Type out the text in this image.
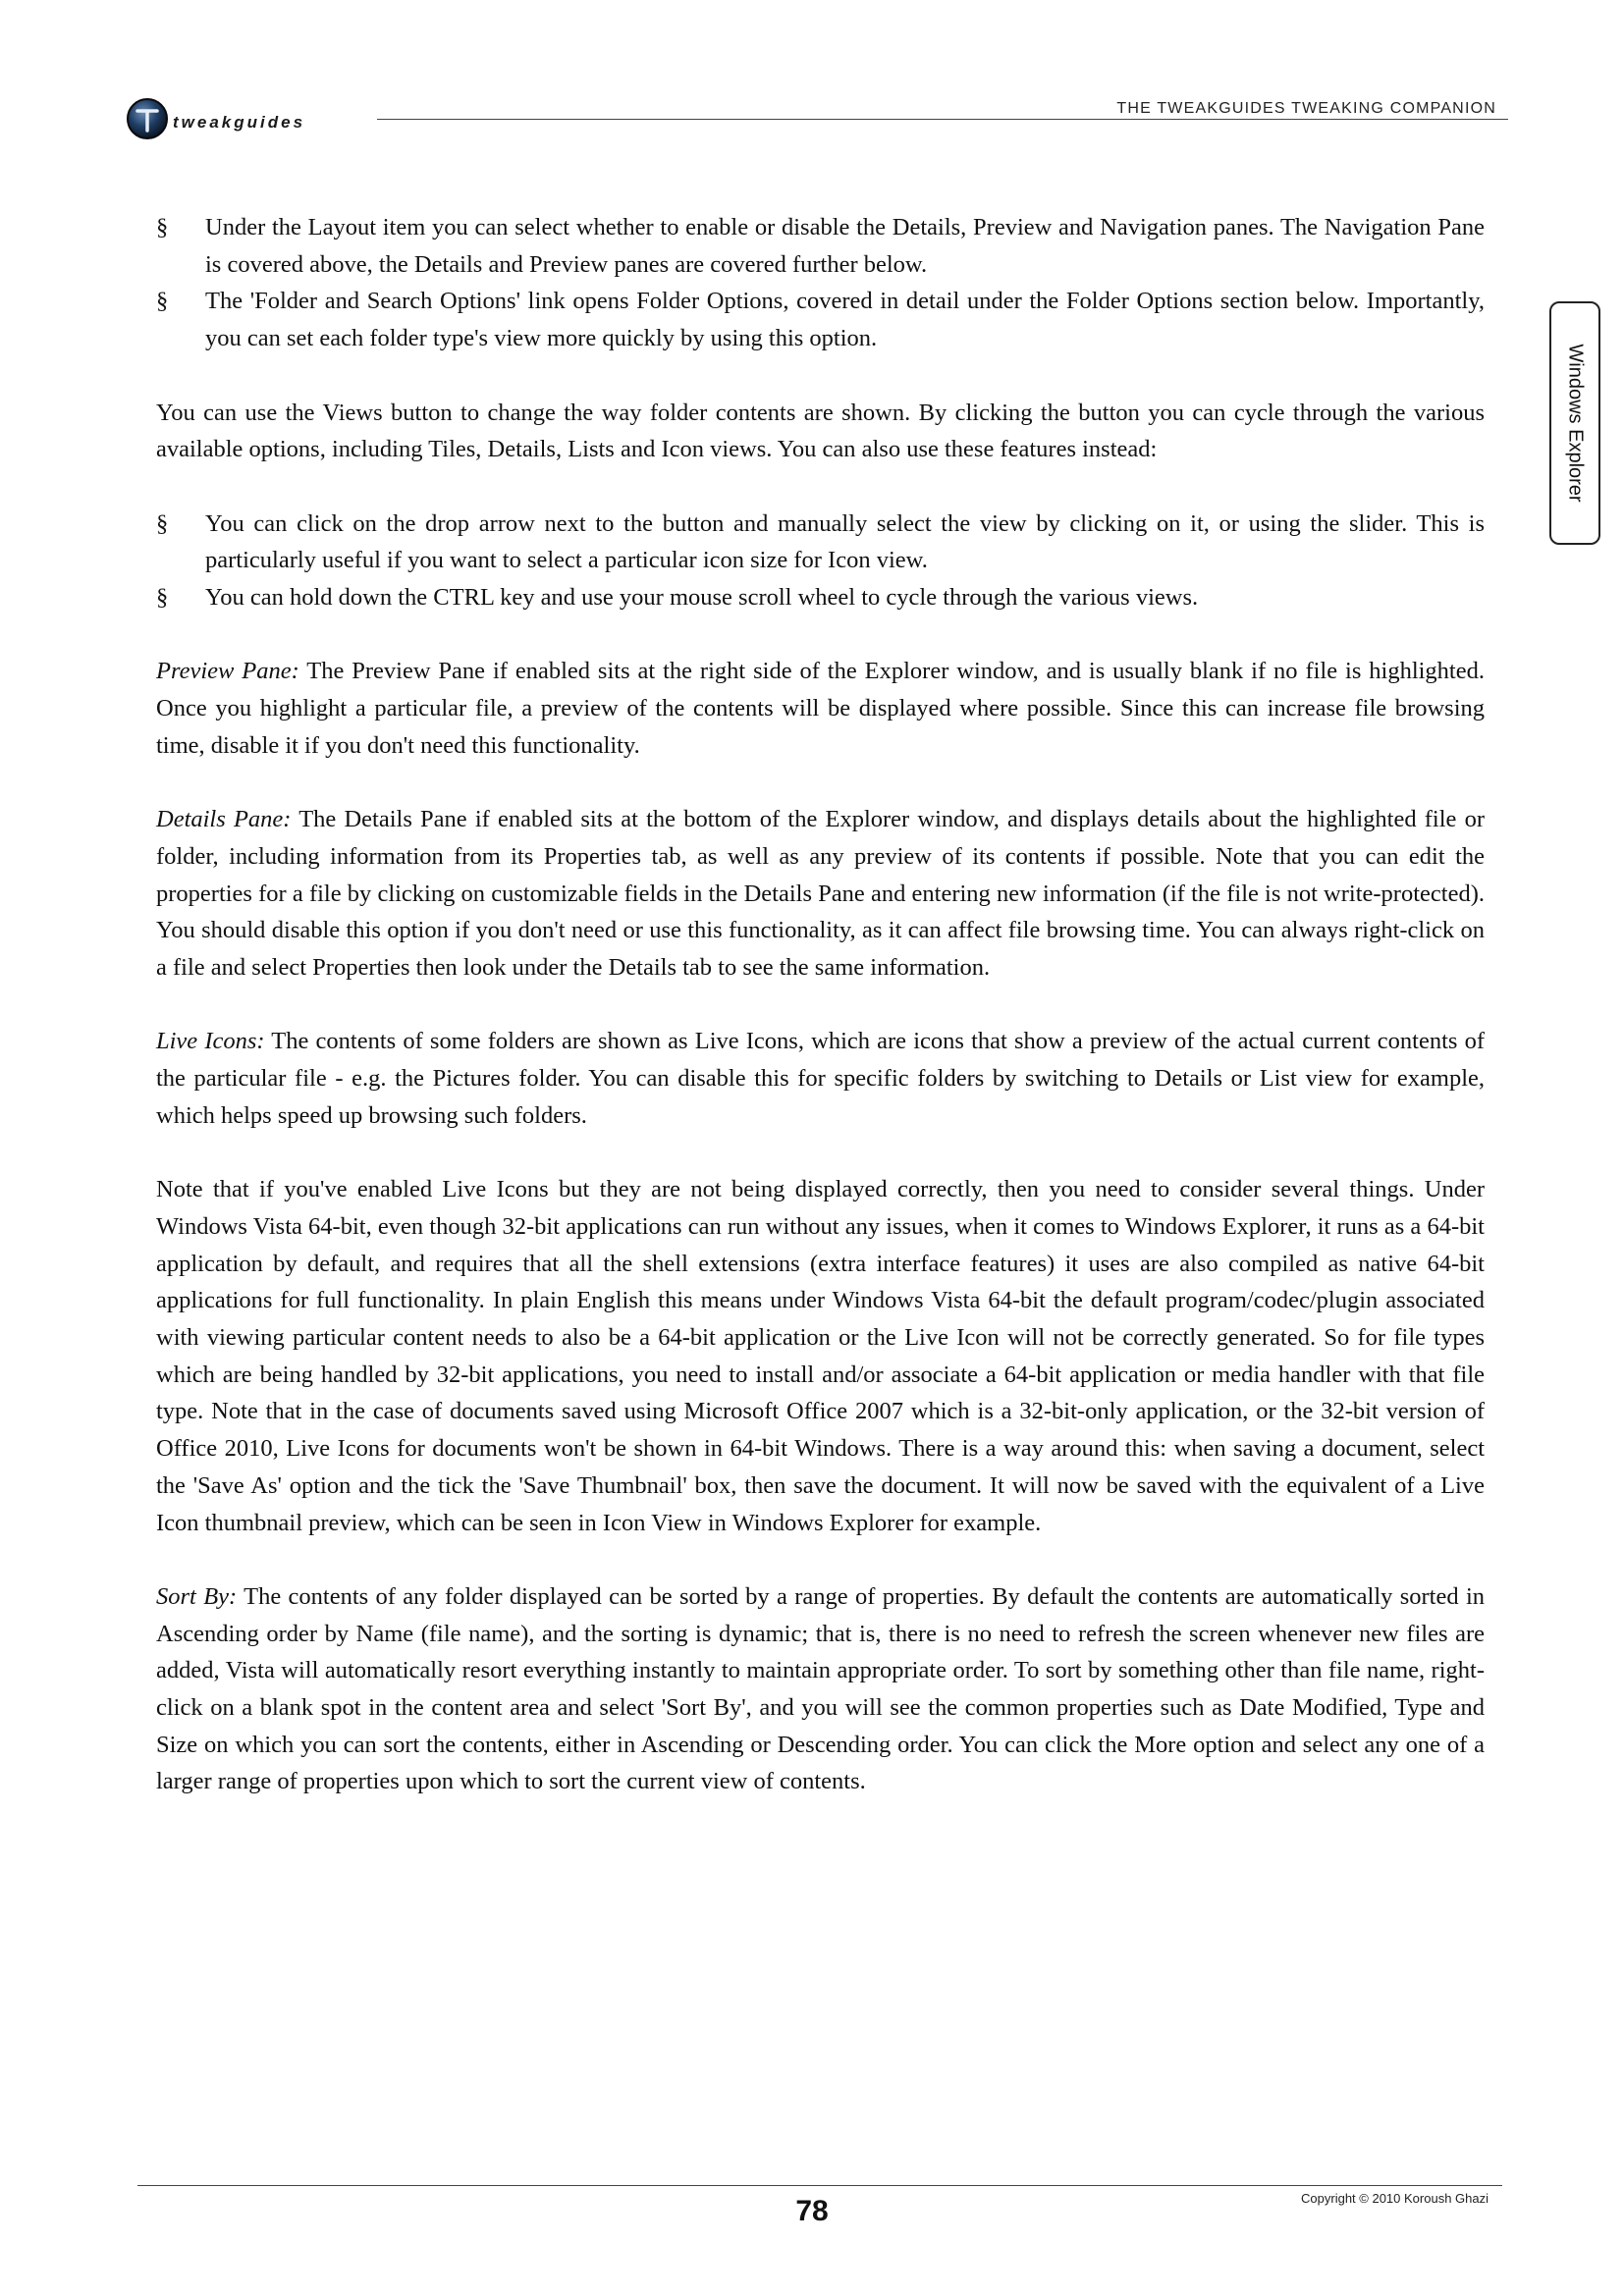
tweakguides
THE TWEAKGUIDES TWEAKING COMPANION
Windows Explorer
§	Under the Layout item you can select whether to enable or disable the Details, Preview and Navigation panes. The Navigation Pane is covered above, the Details and Preview panes are covered further below.
§	The 'Folder and Search Options' link opens Folder Options, covered in detail under the Folder Options section below. Importantly, you can set each folder type's view more quickly by using this option.

You can use the Views button to change the way folder contents are shown. By clicking the button you can cycle through the various available options, including Tiles, Details, Lists and Icon views. You can also use these features instead:

§	You can click on the drop arrow next to the button and manually select the view by clicking on it, or using the slider. This is particularly useful if you want to select a particular icon size for Icon view.
§	You can hold down the CTRL key and use your mouse scroll wheel to cycle through the various views.

Preview Pane: The Preview Pane if enabled sits at the right side of the Explorer window, and is usually blank if no file is highlighted. Once you highlight a particular file, a preview of the contents will be displayed where possible. Since this can increase file browsing time, disable it if you don't need this functionality.

Details Pane: The Details Pane if enabled sits at the bottom of the Explorer window, and displays details about the highlighted file or folder, including information from its Properties tab, as well as any preview of its contents if possible. Note that you can edit the properties for a file by clicking on customizable fields in the Details Pane and entering new information (if the file is not write-protected). You should disable this option if you don't need or use this functionality, as it can affect file browsing time. You can always right-click on a file and select Properties then look under the Details tab to see the same information.

Live Icons: The contents of some folders are shown as Live Icons, which are icons that show a preview of the actual current contents of the particular file - e.g. the Pictures folder. You can disable this for specific folders by switching to Details or List view for example, which helps speed up browsing such folders.

Note that if you've enabled Live Icons but they are not being displayed correctly, then you need to consider several things. Under Windows Vista 64-bit, even though 32-bit applications can run without any issues, when it comes to Windows Explorer, it runs as a 64-bit application by default, and requires that all the shell extensions (extra interface features) it uses are also compiled as native 64-bit applications for full functionality. In plain English this means under Windows Vista 64-bit the default program/codec/plugin associated with viewing particular content needs to also be a 64-bit application or the Live Icon will not be correctly generated. So for file types which are being handled by 32-bit applications, you need to install and/or associate a 64-bit application or media handler with that file type. Note that in the case of documents saved using Microsoft Office 2007 which is a 32-bit-only application, or the 32-bit version of Office 2010, Live Icons for documents won't be shown in 64-bit Windows. There is a way around this: when saving a document, select the 'Save As' option and the tick the 'Save Thumbnail' box, then save the document. It will now be saved with the equivalent of a Live Icon thumbnail preview, which can be seen in Icon View in Windows Explorer for example.

Sort By: The contents of any folder displayed can be sorted by a range of properties. By default the contents are automatically sorted in Ascending order by Name (file name), and the sorting is dynamic; that is, there is no need to refresh the screen whenever new files are added, Vista will automatically resort everything instantly to maintain appropriate order. To sort by something other than file name, right-click on a blank spot in the content area and select 'Sort By', and you will see the common properties such as Date Modified, Type and Size on which you can sort the contents, either in Ascending or Descending order. You can click the More option and select any one of a larger range of properties upon which to sort the current view of contents.

Copyright © 2010 Koroush Ghazi
78
